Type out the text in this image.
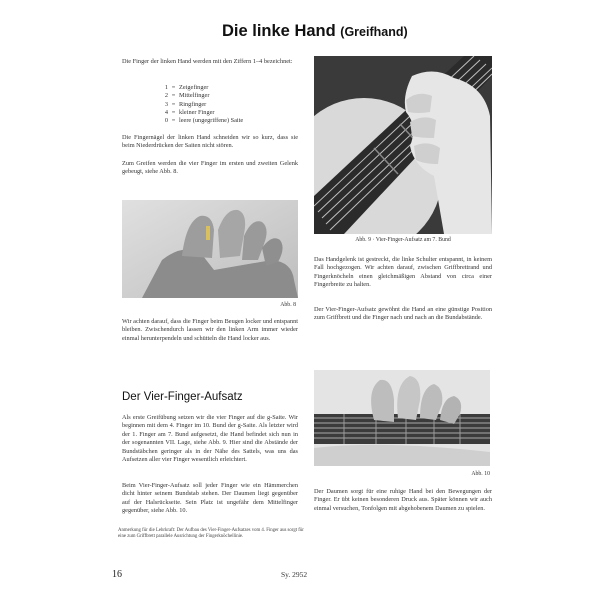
Die linke Hand (Greifhand)
Die Finger der linken Hand werden mit den Ziffern 1–4 bezeichnet:
1 = Zeigefinger
2 = Mittelfinger
3 = Ringfinger
4 = kleiner Finger
0 = leere (ungegriffene) Saite
Die Fingernägel der linken Hand schneiden wir so kurz, dass sie beim Niederdrücken der Saiten nicht stören.
Zum Greifen werden die vier Finger im ersten und zweiten Gelenk gebeugt, siehe Abb. 8.
Abb. 8
Wir achten darauf, dass die Finger beim Beugen locker und entspannt bleiben. Zwischendurch lassen wir den linken Arm immer wieder einmal herunterpendeln und schütteln die Hand locker aus.
Der Vier-Finger-Aufsatz
Als erste Greifübung setzen wir die vier Finger auf die g-Saite. Wir beginnen mit dem 4. Finger im 10. Bund der g-Saite. Als letzter wird der 1. Finger am 7. Bund aufgesetzt, die Hand befindet sich nun in der sogenannten VII. Lage, siehe Abb. 9. Hier sind die Abstände der Bundstäbchen geringer als in der Nähe des Sattels, was uns das Aufsetzen aller vier Finger wesentlich erleichtert.
Beim Vier-Finger-Aufsatz soll jeder Finger wie ein Hämmerchen dicht hinter seinem Bundstab stehen. Der Daumen liegt gegenüber auf der Halsrückseite. Sein Platz ist ungefähr dem Mittelfinger gegenüber, siehe Abb. 10.
Anmerkung für die Lehrkraft: Der Aufbau des Vier-Finger-Aufsatzes vom 4. Finger aus sorgt für eine zum Griffbrett parallele Ausrichtung der Fingerknöchellinie.
Abb. 9 · Vier-Finger-Aufsatz am 7. Bund
Das Handgelenk ist gestreckt, die linke Schulter entspannt, in keinem Fall hochgezogen. Wir achten darauf, zwischen Griffbrettrand und Fingerknöcheln einen gleichmäßigen Abstand von circa einer Fingerbreite zu halten.
Der Vier-Finger-Aufsatz gewöhnt die Hand an eine günstige Position zum Griffbrett und die Finger nach und nach an die Bundabstände.
Abb. 10
Der Daumen sorgt für eine ruhige Hand bei den Bewegungen der Finger. Er übt keinen besonderen Druck aus. Später können wir auch einmal versuchen, Tonfolgen mit abgehobenem Daumen zu spielen.
16	Sy. 2952
